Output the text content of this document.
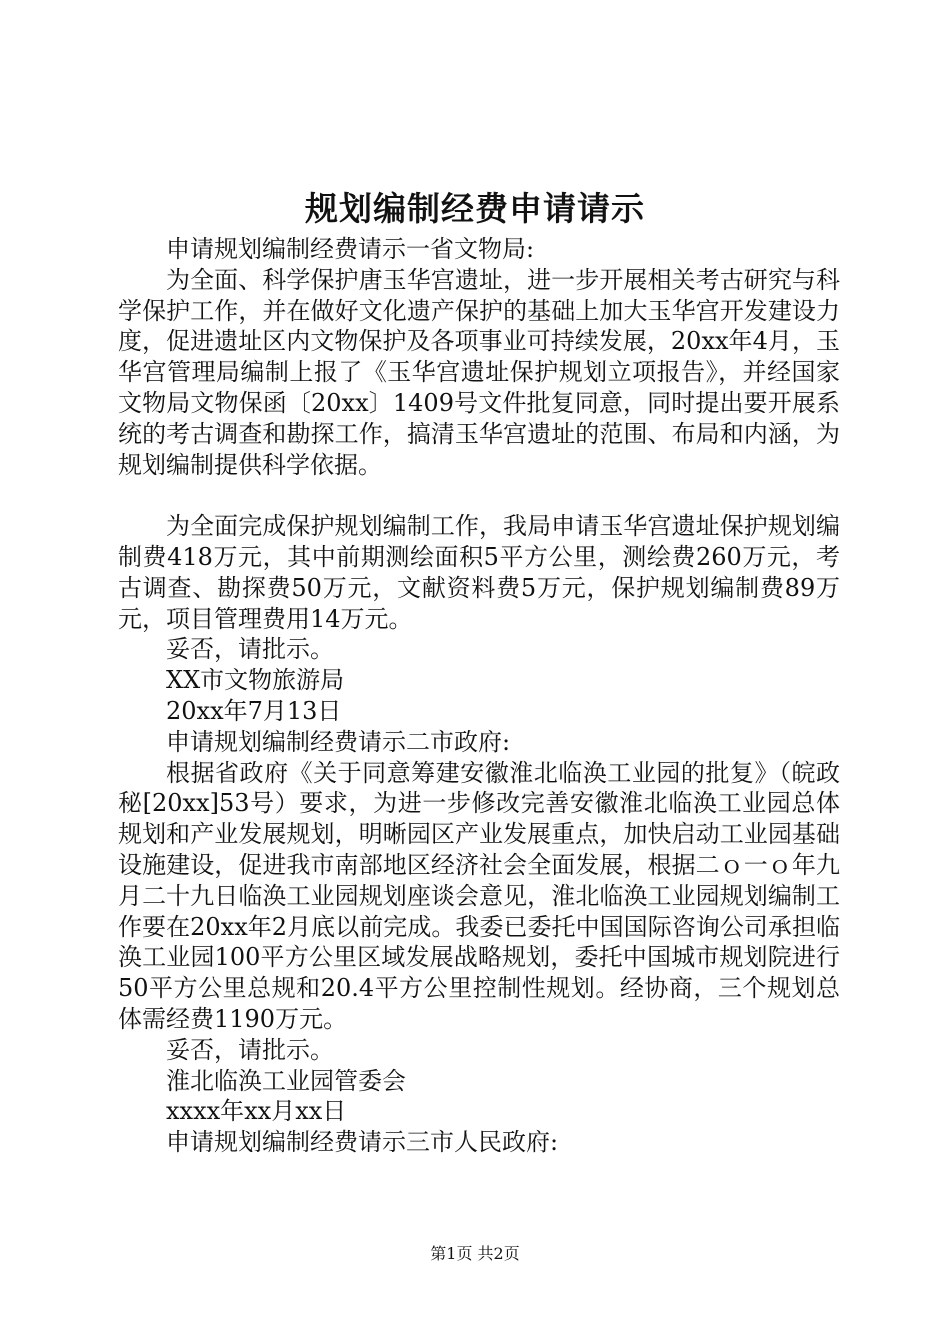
规划编制经费申请请示

申请规划编制经费请示一省文物局:

为全面、科学保护唐玉华宫遗址，进一步开展相关考古研究与科学保护工作，并在做好文化遗产保护的基础上加大玉华宫开发建设力度，促进遗址区内文物保护及各项事业可持续发展，20xx年4月，玉华宫管理局编制上报了《玉华宫遗址保护规划立项报告》，并经国家文物局文物保函〔20xx〕1409号文件批复同意，同时提出要开展系统的考古调查和勘探工作，搞清玉华宫遗址的范围、布局和内涵，为规划编制提供科学依据。

为全面完成保护规划编制工作，我局申请玉华宫遗址保护规划编制费418万元，其中前期测绘面积5平方公里，测绘费260万元，考古调查、勘探费50万元，文献资料费5万元，保护规划编制费89万元，项目管理费用14万元。

妥否，请批示。

XX市文物旅游局

20xx年7月13日

申请规划编制经费请示二市政府:

根据省政府《关于同意筹建安徽淮北临涣工业园的批复》（皖政秘[20xx]53号）要求，为进一步修改完善安徽淮北临涣工业园总体规划和产业发展规划，明晰园区产业发展重点，加快启动工业园基础设施建设，促进我市南部地区经济社会全面发展，根据二ｏ一ｏ年九月二十九日临涣工业园规划座谈会意见，淮北临涣工业园规划编制工作要在20xx年2月底以前完成。我委已委托中国国际咨询公司承担临涣工业园100平方公里区域发展战略规划，委托中国城市规划院进行50平方公里总规和20.4平方公里控制性规划。经协商，三个规划总体需经费1190万元。

妥否，请批示。

淮北临涣工业园管委会

xxxx年xx月xx日

申请规划编制经费请示三市人民政府:

第1页 共2页
